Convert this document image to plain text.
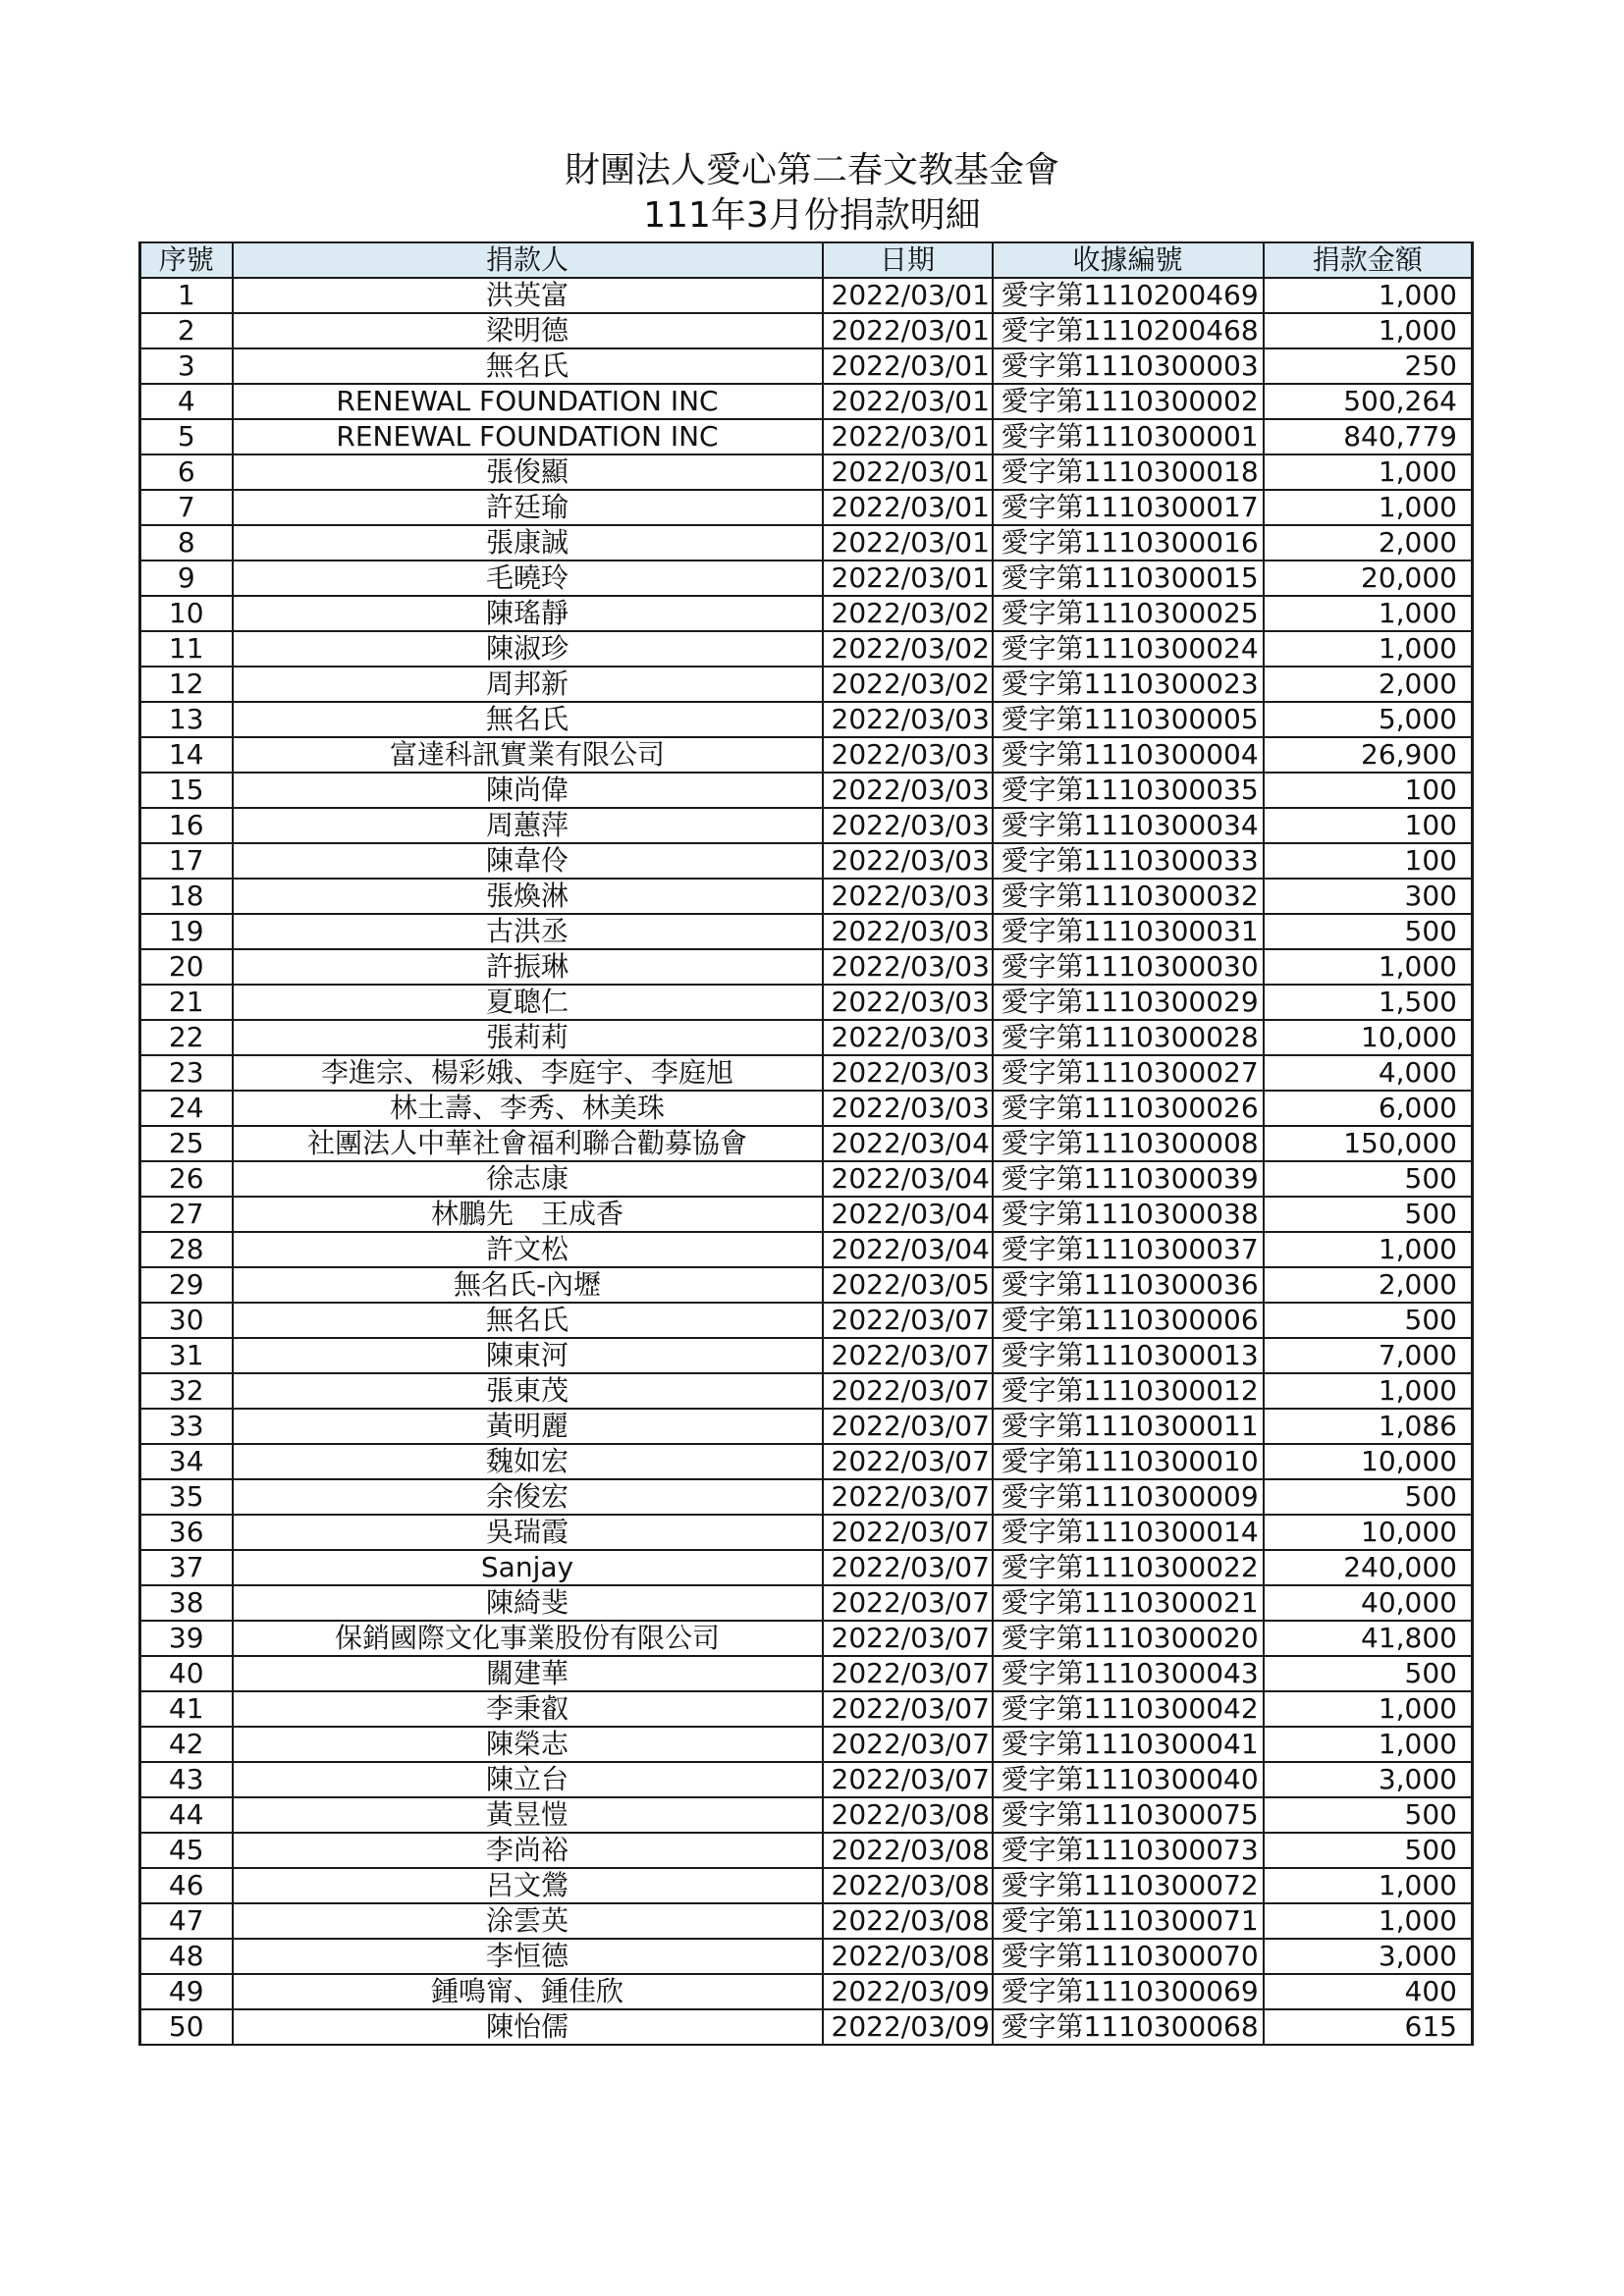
財團法人愛心第二春文教基金會
111年3月份捐款明細
序號	捐款人	日期	收據編號	捐款金額
1	洪英富	2022/03/01	愛字第1110200469	1,000
2	梁明德	2022/03/01	愛字第1110200468	1,000
3	無名氏	2022/03/01	愛字第1110300003	250
4	RENEWAL FOUNDATION INC	2022/03/01	愛字第1110300002	500,264
5	RENEWAL FOUNDATION INC	2022/03/01	愛字第1110300001	840,779
6	張俊顯	2022/03/01	愛字第1110300018	1,000
7	許廷瑜	2022/03/01	愛字第1110300017	1,000
8	張康誠	2022/03/01	愛字第1110300016	2,000
9	毛曉玲	2022/03/01	愛字第1110300015	20,000
10	陳瑤靜	2022/03/02	愛字第1110300025	1,000
11	陳淑珍	2022/03/02	愛字第1110300024	1,000
12	周邦新	2022/03/02	愛字第1110300023	2,000
13	無名氏	2022/03/03	愛字第1110300005	5,000
14	富達科訊實業有限公司	2022/03/03	愛字第1110300004	26,900
15	陳尚偉	2022/03/03	愛字第1110300035	100
16	周蕙萍	2022/03/03	愛字第1110300034	100
17	陳韋伶	2022/03/03	愛字第1110300033	100
18	張煥淋	2022/03/03	愛字第1110300032	300
19	古洪丞	2022/03/03	愛字第1110300031	500
20	許振琳	2022/03/03	愛字第1110300030	1,000
21	夏聰仁	2022/03/03	愛字第1110300029	1,500
22	張莉莉	2022/03/03	愛字第1110300028	10,000
23	李進宗、楊彩娥、李庭宇、李庭旭	2022/03/03	愛字第1110300027	4,000
24	林土壽、李秀、林美珠	2022/03/03	愛字第1110300026	6,000
25	社團法人中華社會福利聯合勸募協會	2022/03/04	愛字第1110300008	150,000
26	徐志康	2022/03/04	愛字第1110300039	500
27	林鵬先　王成香	2022/03/04	愛字第1110300038	500
28	許文松	2022/03/04	愛字第1110300037	1,000
29	無名氏-內壢	2022/03/05	愛字第1110300036	2,000
30	無名氏	2022/03/07	愛字第1110300006	500
31	陳東河	2022/03/07	愛字第1110300013	7,000
32	張東茂	2022/03/07	愛字第1110300012	1,000
33	黃明麗	2022/03/07	愛字第1110300011	1,086
34	魏如宏	2022/03/07	愛字第1110300010	10,000
35	余俊宏	2022/03/07	愛字第1110300009	500
36	吳瑞霞	2022/03/07	愛字第1110300014	10,000
37	Sanjay	2022/03/07	愛字第1110300022	240,000
38	陳綺斐	2022/03/07	愛字第1110300021	40,000
39	保銷國際文化事業股份有限公司	2022/03/07	愛字第1110300020	41,800
40	關建華	2022/03/07	愛字第1110300043	500
41	李秉叡	2022/03/07	愛字第1110300042	1,000
42	陳榮志	2022/03/07	愛字第1110300041	1,000
43	陳立台	2022/03/07	愛字第1110300040	3,000
44	黃昱愷	2022/03/08	愛字第1110300075	500
45	李尚裕	2022/03/08	愛字第1110300073	500
46	呂文鶯	2022/03/08	愛字第1110300072	1,000
47	涂雲英	2022/03/08	愛字第1110300071	1,000
48	李恒德	2022/03/08	愛字第1110300070	3,000
49	鍾鳴甯、鍾佳欣	2022/03/09	愛字第1110300069	400
50	陳怡儒	2022/03/09	愛字第1110300068	615
